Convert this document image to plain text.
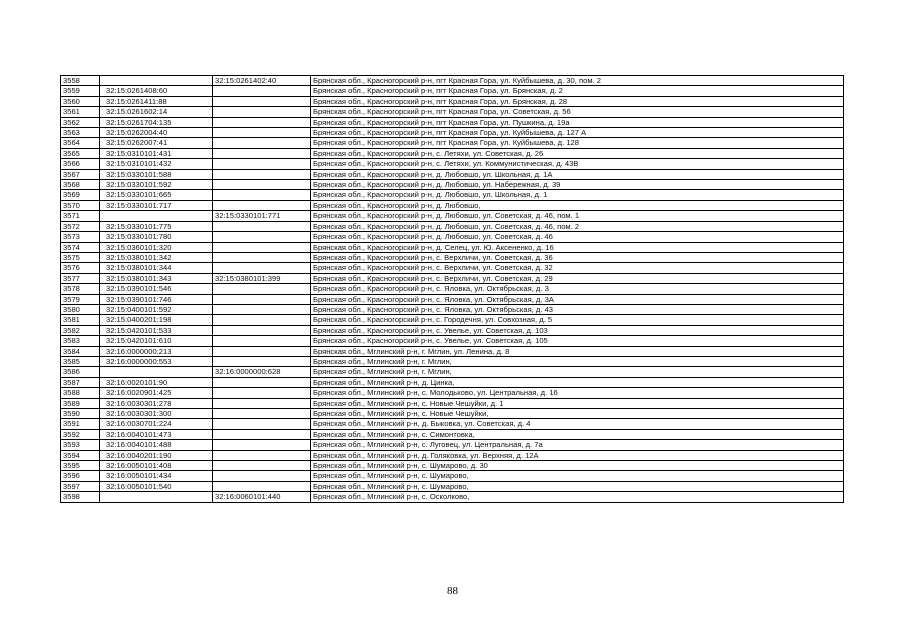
3558		32:15:0261402:40	Брянская обл., Красногорский р-н, пгт Красная Гора, ул. Куйбышева, д. 30, пом. 2
3559	32:15:0261408:60		Брянская обл., Красногорский р-н, пгт Красная Гора, ул. Брянская, д. 2
3560	32:15:0261411:88		Брянская обл., Красногорский р-н, пгт Красная Гора, ул. Брянская, д. 28
3561	32:15:0261602:14		Брянская обл., Красногорский р-н, пгт Красная Гора, ул. Советская, д. 56
3562	32:15:0261704:135		Брянская обл., Красногорский р-н, пгт Красная Гора, ул. Пушкина, д. 19а
3563	32:15:0262004:40		Брянская обл., Красногорский р-н, пгт Красная Гора, ул. Куйбышева, д. 127 А
3564	32:15:0262007:41		Брянская обл., Красногорский р-н, пгт Красная Гора, ул. Куйбышева, д. 128
3565	32:15:0310101:431		Брянская обл., Красногорский р-н, с. Летяхи, ул. Советская, д. 26
3566	32:15:0310101:432		Брянская обл., Красногорский р-н, с. Летяхи, ул. Коммунистическая, д. 43В
3567	32:15:0330101:588		Брянская обл., Красногорский р-н, д. Любовшо, ул. Школьная, д. 1А
3568	32:15:0330101:592		Брянская обл., Красногорский р-н, д. Любовшо, ул. Набережная, д. 39
3569	32:15:0330101:665		Брянская обл., Красногорский р-н, д. Любовшо, ул. Школьная, д. 1
3570	32:15:0330101:717		Брянская обл., Красногорский р-н, д. Любовшо,
3571		32:15:0330101:771	Брянская обл., Красногорский р-н, д. Любовшо, ул. Советская, д. 46, пом. 1
3572	32:15:0330101:775		Брянская обл., Красногорский р-н, д. Любовшо, ул. Советская, д. 46, пом. 2
3573	32:15:0330101:780		Брянская обл., Красногорский р-н, д. Любовшо, ул. Советская, д. 46
3574	32:15:0360101:320		Брянская обл., Красногорский р-н, д. Селец, ул. Ю. Аксененко, д. 16
3575	32:15:0380101:342		Брянская обл., Красногорский р-н, с. Верхличи, ул. Советская, д. 36
3576	32:15:0380101:344		Брянская обл., Красногорский р-н, с. Верхличи, ул. Советская, д. 32
3577	32:15:0380101:343	32:15:0380101:399	Брянская обл., Красногорский р-н, с. Верхличи, ул. Советская, д. 29
3578	32:15:0390101:546		Брянская обл., Красногорский р-н, с. Яловка, ул. Октябрьская, д. 3
3579	32:15:0390101:746		Брянская обл., Красногорский р-н, с. Яловка, ул. Октябрьская, д. 3А
3580	32:15:0400101:592		Брянская обл., Красногорский р-н, с. Яловка, ул. Октябрьская, д. 43
3581	32:15:0400201:198		Брянская обл., Красногорский р-н, с. Городечня, ул. Совхозная, д. 5
3582	32:15:0420101:533		Брянская обл., Красногорский р-н, с. Увелье, ул. Советская, д. 103
3583	32:15:0420101:610		Брянская обл., Красногорский р-н, с. Увелье, ул. Советская, д. 105
3584	32:16:0000000:213		Брянская обл., Мглинский р-н, г. Мглин, ул. Ленина, д. 8
3585	32:16:0000000:553		Брянская обл., Мглинский р-н, г. Мглин,
3586		32:16:0000000:628	Брянская обл., Мглинский р-н, г. Мглин,
3587	32:16:0020101:90		Брянская обл., Мглинский р-н, д. Цинка,
3588	32:16:0020901:425		Брянская обл., Мглинский р-н, с. Молодьково, ул. Центральная, д. 16
3589	32:16:0030301:278		Брянская обл., Мглинский р-н, с. Новые Чешуйки, д. 1
3590	32:16:0030301:300		Брянская обл., Мглинский р-н, с. Новые Чешуйки,
3591	32:16:0030701:224		Брянская обл., Мглинский р-н, д. Быковка, ул. Советская, д. 4
3592	32:16:0040101:473		Брянская обл., Мглинский р-н, с. Симонтовка,
3593	32:16:0040101:488		Брянская обл., Мглинский р-н, с. Луговец, ул. Центральная, д. 7а
3594	32:16:0040201:190		Брянская обл., Мглинский р-н, д. Голяковка, ул. Верхняя, д. 12А
3595	32:16:0050101:408		Брянская обл., Мглинский р-н, с. Шумарово, д. 30
3596	32:16:0050101:434		Брянская обл., Мглинский р-н, с. Шумарово,
3597	32:16:0050101:540		Брянская обл., Мглинский р-н, с. Шумарово,
3598		32:16:0060101:440	Брянская обл., Мглинский р-н, с. Осколково,
88
